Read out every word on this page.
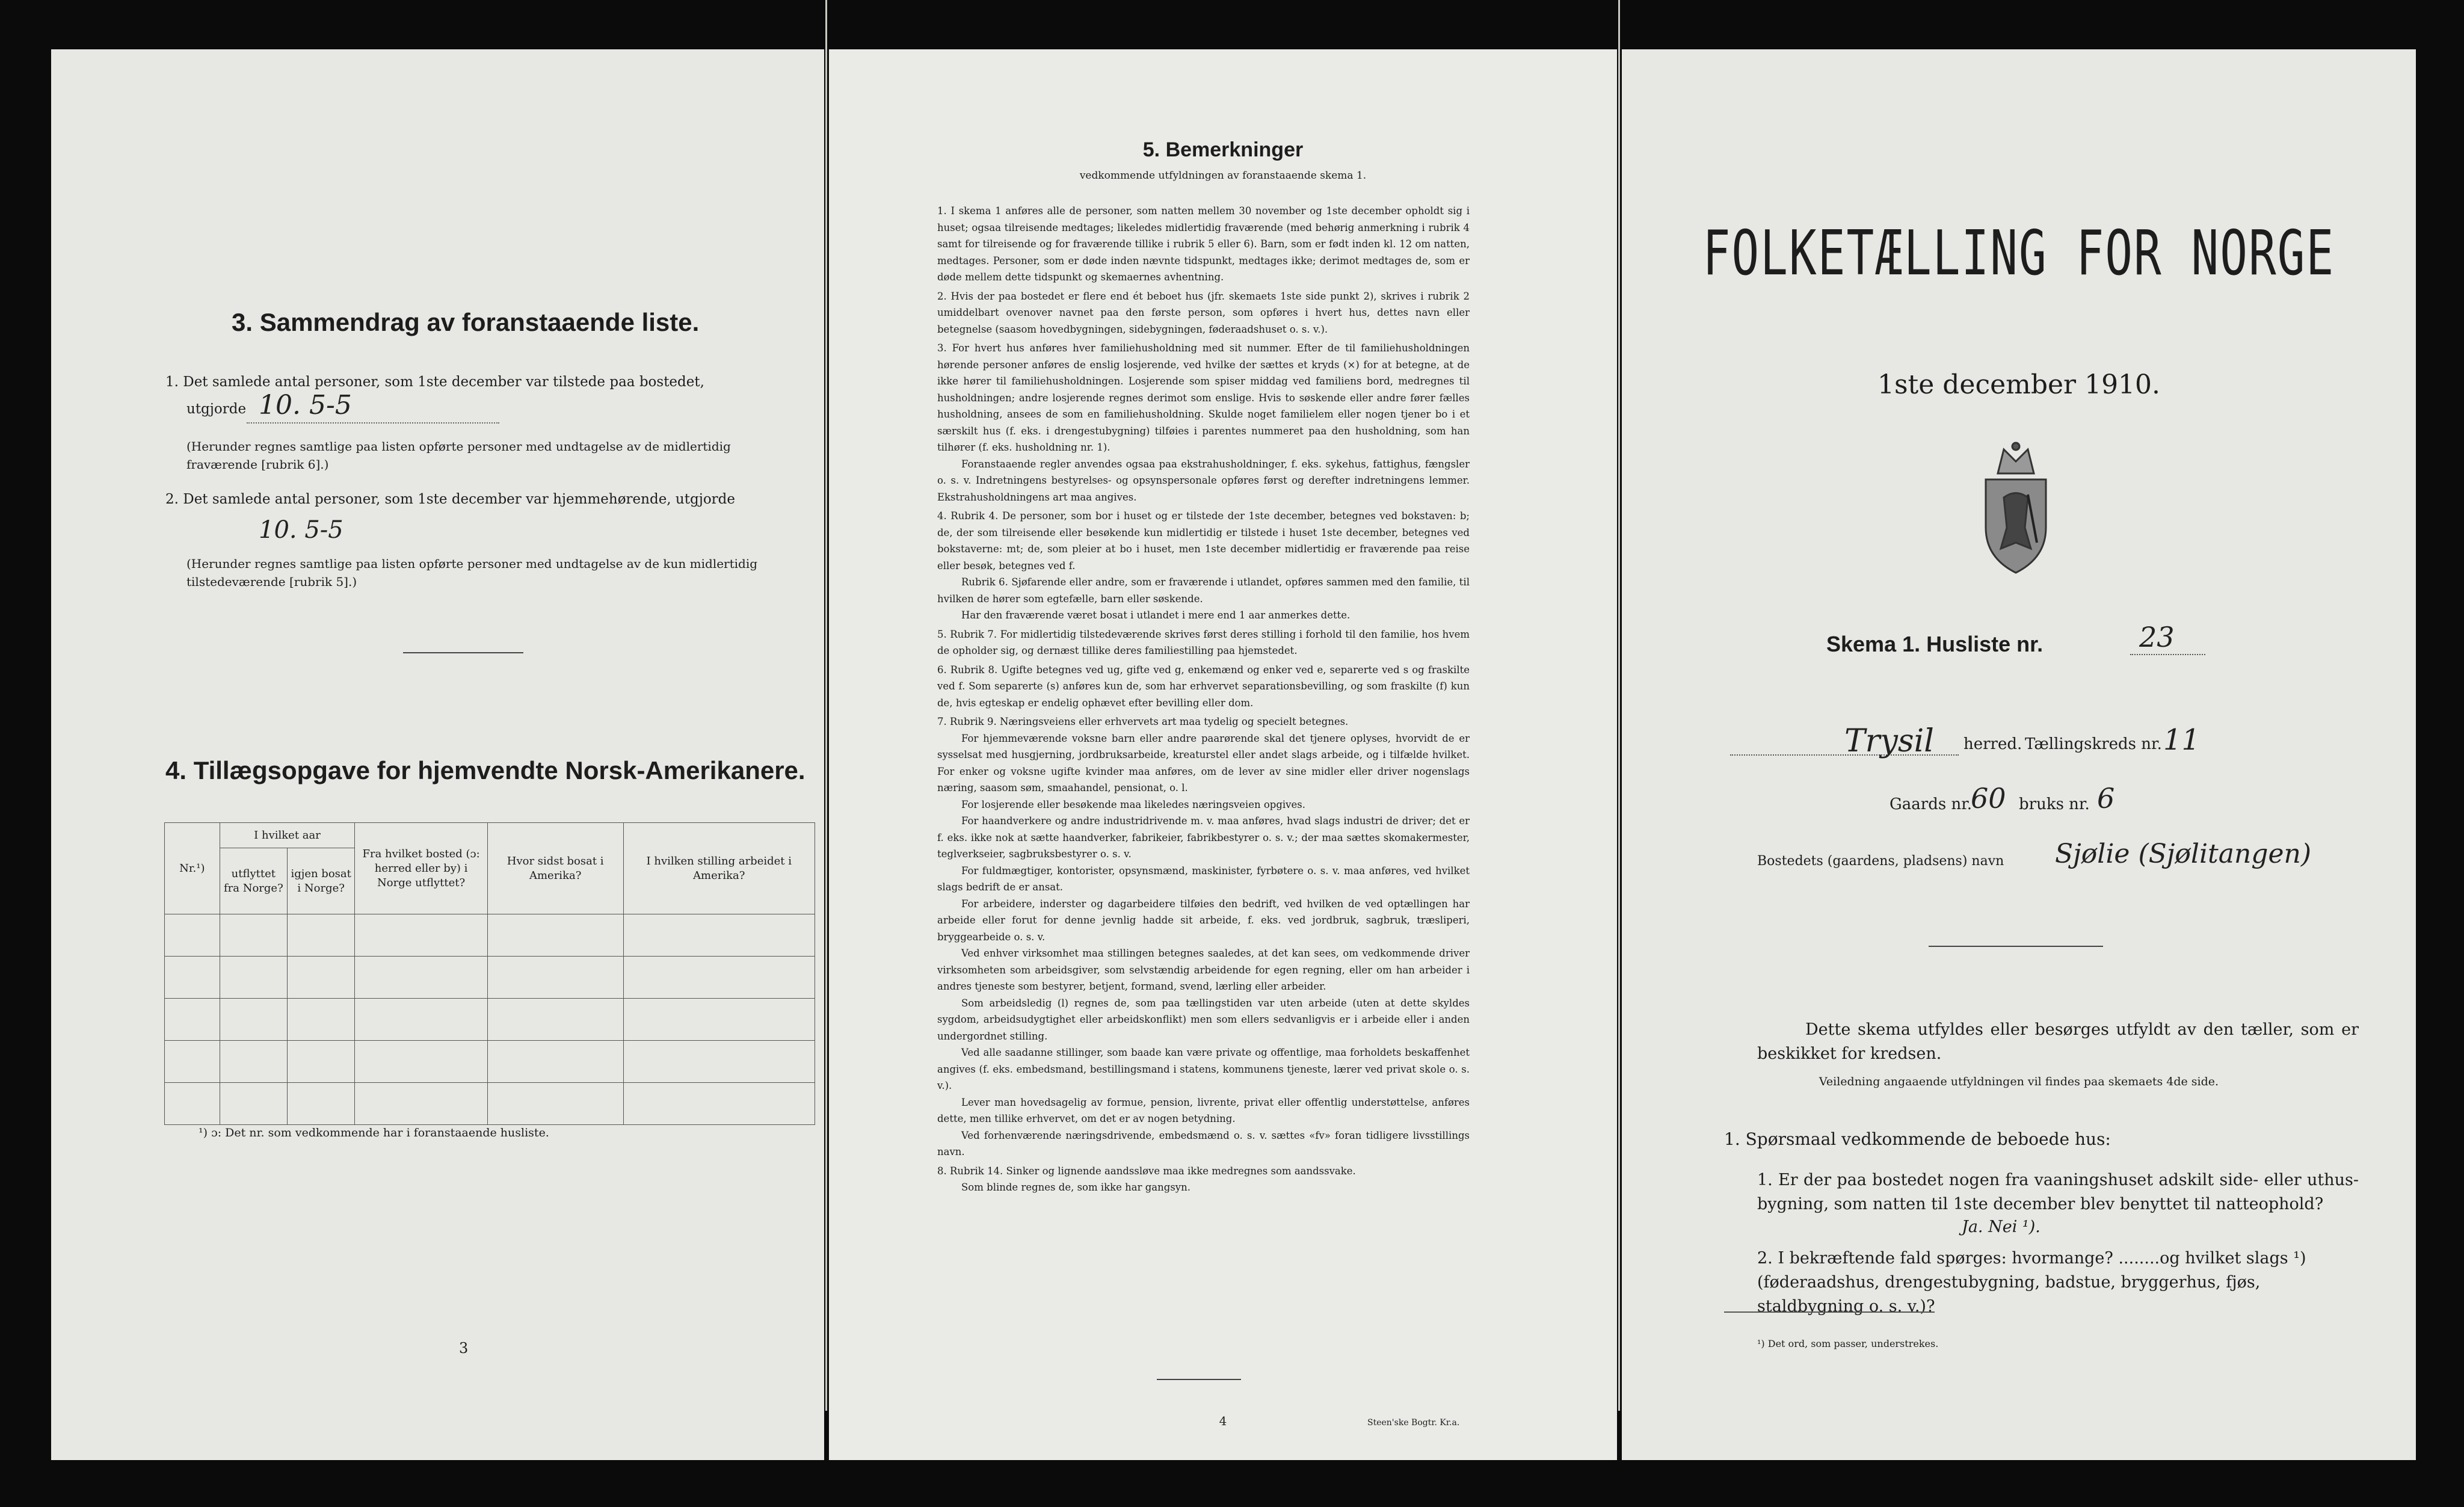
3. Sammendrag av foranstaaende liste.
1. Det samlede antal personer, som 1ste december var tilstede paa bostedet,
utgjorde 10. 5-5
(Herunder regnes samtlige paa listen opførte personer med undtagelse av de midlertidig fraværende [rubrik 6].)
2. Det samlede antal personer, som 1ste december var hjemmehørende, utgjorde
10. 5-5
(Herunder regnes samtlige paa listen opførte personer med undtagelse av de kun midlertidig tilstedeværende [rubrik 5].)
4. Tillægsopgave for hjemvendte Norsk-Amerikanere.
Nr.¹)	I hvilket aar		Fra hvilket bosted (ɔ: herred eller by) i Norge utflyttet?	Hvor sidst bosat i Amerika?	I hvilken stilling arbeidet i Amerika?
	utflyttet fra Norge?	igjen bosat i Norge?			

¹) ɔ: Det nr. som vedkommende har i foranstaaende husliste.
3
5. Bemerkninger
vedkommende utfyldningen av foranstaaende skema 1.

1. I skema 1 anføres alle de personer, som natten mellem 30 november og 1ste december opholdt sig i huset; ogsaa tilreisende medtages; likeledes midlertidig fraværende (med behørig anmerkning i rubrik 4 samt for tilreisende og for fraværende tillike i rubrik 5 eller 6). Barn, som er født inden kl. 12 om natten, medtages. Personer, som er døde inden nævnte tidspunkt, medtages ikke; derimot medtages de, som er døde mellem dette tidspunkt og skemaernes avhentning.

2. Hvis der paa bostedet er flere end ét beboet hus (jfr. skemaets 1ste side punkt 2), skrives i rubrik 2 umiddelbart ovenover navnet paa den første person, som opføres i hvert hus, dettes navn eller betegnelse (saasom hovedbygningen, sidebygningen, føderaadshuset o. s. v.).

3. For hvert hus anføres hver familiehusholdning med sit nummer. Efter de til familiehusholdningen hørende personer anføres de enslig losjerende, ved hvilke der sættes et kryds (×) for at betegne, at de ikke hører til familiehusholdningen. Losjerende som spiser middag ved familiens bord, medregnes til husholdningen; andre losjerende regnes derimot som enslige. Hvis to søskende eller andre fører fælles husholdning, ansees de som en familiehusholdning. Skulde noget familielem eller nogen tjener bo i et særskilt hus (f. eks. i drengestubygning) tilføies i parentes nummeret paa den husholdning, som han tilhører (f. eks. husholdning nr. 1).

Foranstaaende regler anvendes ogsaa paa ekstrahusholdninger, f. eks. sykehus, fattighus, fængsler o. s. v. Indretningens bestyrelses- og opsynspersonale opføres først og derefter indretningens lemmer. Ekstrahusholdningens art maa angives.

4. Rubrik 4. De personer, som bor i huset og er tilstede der 1ste december, betegnes ved bokstaven: b; de, der som tilreisende eller besøkende kun midlertidig er tilstede i huset 1ste december, betegnes ved bokstaverne: mt; de, som pleier at bo i huset, men 1ste december midlertidig er fraværende paa reise eller besøk, betegnes ved f.

Rubrik 6. Sjøfarende eller andre, som er fraværende i utlandet, opføres sammen med den familie, til hvilken de hører som egtefælle, barn eller søskende.

Har den fraværende været bosat i utlandet i mere end 1 aar anmerkes dette.

5. Rubrik 7. For midlertidig tilstedeværende skrives først deres stilling i forhold til den familie, hos hvem de opholder sig, og dernæst tillike deres familiestilling paa hjemstedet.

6. Rubrik 8. Ugifte betegnes ved ug, gifte ved g, enkemænd og enker ved e, separerte ved s og fraskilte ved f. Som separerte (s) anføres kun de, som har erhvervet separationsbevilling, og som fraskilte (f) kun de, hvis egteskap er endelig ophævet efter bevilling eller dom.

7. Rubrik 9. Næringsveiens eller erhvervets art maa tydelig og specielt betegnes.

For hjemmeværende voksne barn eller andre paarørende skal det tjenere oplyses, hvorvidt de er sysselsat med husgjerning, jordbruksarbeide, kreaturstel eller andet slags arbeide, og i tilfælde hvilket. For enker og voksne ugifte kvinder maa anføres, om de lever av sine midler eller driver nogenslags næring, saasom søm, smaahandel, pensionat, o. l.

For losjerende eller besøkende maa likeledes næringsveien opgives.

For haandverkere og andre industridrivende m. v. maa anføres, hvad slags industri de driver; det er f. eks. ikke nok at sætte haandverker, fabrikeier, fabrikbestyrer o. s. v.; der maa sættes skomakermester, teglverkseier, sagbruksbestyrer o. s. v.

For fuldmægtiger, kontorister, opsynsmænd, maskinister, fyrbøtere o. s. v. maa anføres, ved hvilket slags bedrift de er ansat.

For arbeidere, inderster og dagarbeidere tilføies den bedrift, ved hvilken de ved optællingen har arbeide eller forut for denne jevnlig hadde sit arbeide, f. eks. ved jordbruk, sagbruk, træsliperi, bryggearbeide o. s. v.

Ved enhver virksomhet maa stillingen betegnes saaledes, at det kan sees, om vedkommende driver virksomheten som arbeidsgiver, som selvstændig arbeidende for egen regning, eller om han arbeider i andres tjeneste som bestyrer, betjent, formand, svend, lærling eller arbeider.

Som arbeidsledig (l) regnes de, som paa tællingstiden var uten arbeide (uten at dette skyldes sygdom, arbeidsudygtighet eller arbeidskonflikt) men som ellers sedvanligvis er i arbeide eller i anden undergordnet stilling.

Ved alle saadanne stillinger, som baade kan være private og offentlige, maa forholdets beskaffenhet angives (f. eks. embedsmand, bestillingsmand i statens, kommunens tjeneste, lærer ved privat skole o. s. v.).

Lever man hovedsagelig av formue, pension, livrente, privat eller offentlig understøttelse, anføres dette, men tillike erhvervet, om det er av nogen betydning.

Ved forhenværende næringsdrivende, embedsmænd o. s. v. sættes «fv» foran tidligere livsstillings navn.

8. Rubrik 14. Sinker og lignende aandssløve maa ikke medregnes som aandssvake.

Som blinde regnes de, som ikke har gangsyn.

4	Steen'ske Bogtr. Kr.a.
FOLKETÆLLING FOR NORGE
1ste december 1910.
Skema 1. Husliste nr.	23
Trysil herred. Tællingskreds nr. 11
Gaards nr.
60 bruks nr. 6
Bostedets (gaardens, pladsens) navn Sjølie (Sjølitangen)
Dette skema utfyldes eller besørges utfyldt av den tæller, som er beskikket for kredsen.
Veiledning angaaende utfyldningen vil findes paa skemaets 4de side.
1. Spørsmaal vedkommende de beboede hus:
1. Er der paa bostedet nogen fra vaaningshuset adskilt side- eller uthus-bygning, som natten til 1ste december blev benyttet til natteophold?
Ja. Nei ¹).
2. I bekræftende fald spørges: hvormange? ........og hvilket slags ¹) (føderaadshus, drengestubygning, badstue, bryggerhus, fjøs, staldbygning o. s. v.)?
¹) Det ord, som passer, understrekes.
